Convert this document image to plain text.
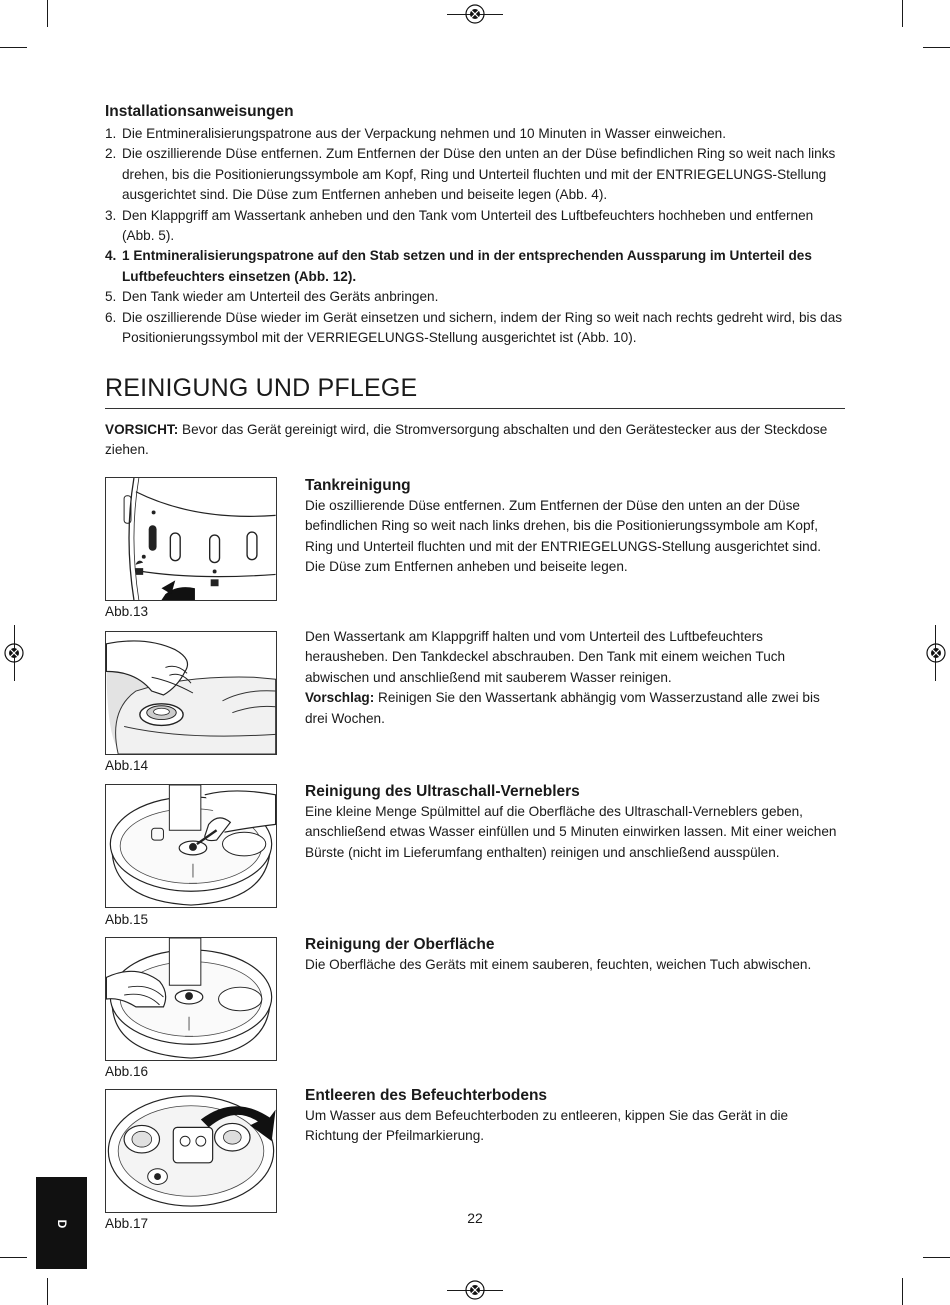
Installationsanweisungen
1. Die Entmineralisierungspatrone aus der Verpackung nehmen und 10 Minuten in Wasser einweichen.
2. Die oszillierende Düse entfernen. Zum Entfernen der Düse den unten an der Düse befindlichen Ring so weit nach links drehen, bis die Positionierungssymbole am Kopf, Ring und Unterteil fluchten und mit der ENTRIEGELUNGS-Stellung ausgerichtet sind. Die Düse zum Entfernen anheben und beiseite legen (Abb. 4).
3. Den Klappgriff am Wassertank anheben und den Tank vom Unterteil des Luftbefeuchters hochheben und entfernen (Abb. 5).
4. 1 Entmineralisierungspatrone auf den Stab setzen und in der entsprechenden Aussparung im Unterteil des Luftbefeuchters einsetzen (Abb. 12).
5. Den Tank wieder am Unterteil des Geräts anbringen.
6. Die oszillierende Düse wieder im Gerät einsetzen und sichern, indem der Ring so weit nach rechts gedreht wird, bis das Positionierungssymbol mit der VERRIEGELUNGS-Stellung ausgerichtet ist (Abb. 10).
REINIGUNG UND PFLEGE
VORSICHT: Bevor das Gerät gereinigt wird, die Stromversorgung abschalten und den Gerätestecker aus der Steckdose ziehen.
Abb.13
Abb.14
Abb.15
Abb.16
Abb.17
Tankreinigung

Die oszillierende Düse entfernen. Zum Entfernen der Düse den unten an der Düse befindlichen Ring so weit nach links drehen, bis die Positionierungssymbole am Kopf, Ring und Unterteil fluchten und mit der ENTRIEGELUNGS-Stellung ausgerichtet sind. Die Düse zum Entfernen anheben und beiseite legen.

Den Wassertank am Klappgriff halten und vom Unterteil des Luftbefeuchters herausheben. Den Tankdeckel abschrauben. Den Tank mit einem weichen Tuch abwischen und anschließend mit sauberem Wasser reinigen.

Vorschlag: Reinigen Sie den Wassertank abhängig vom Wasserzustand alle zwei bis drei Wochen.

Reinigung des Ultraschall-Verneblers

Eine kleine Menge Spülmittel auf die Oberfläche des Ultraschall-Verneblers geben, anschließend etwas Wasser einfüllen und 5 Minuten einwirken lassen. Mit einer weichen Bürste (nicht im Lieferumfang enthalten) reinigen und anschließend ausspülen.

Reinigung der Oberfläche

Die Oberfläche des Geräts mit einem sauberen, feuchten, weichen Tuch abwischen.

Entleeren des Befeuchterbodens

Um Wasser aus dem Befeuchterboden zu entleeren, kippen Sie das Gerät in die Richtung der Pfeilmarkierung.

D	22
